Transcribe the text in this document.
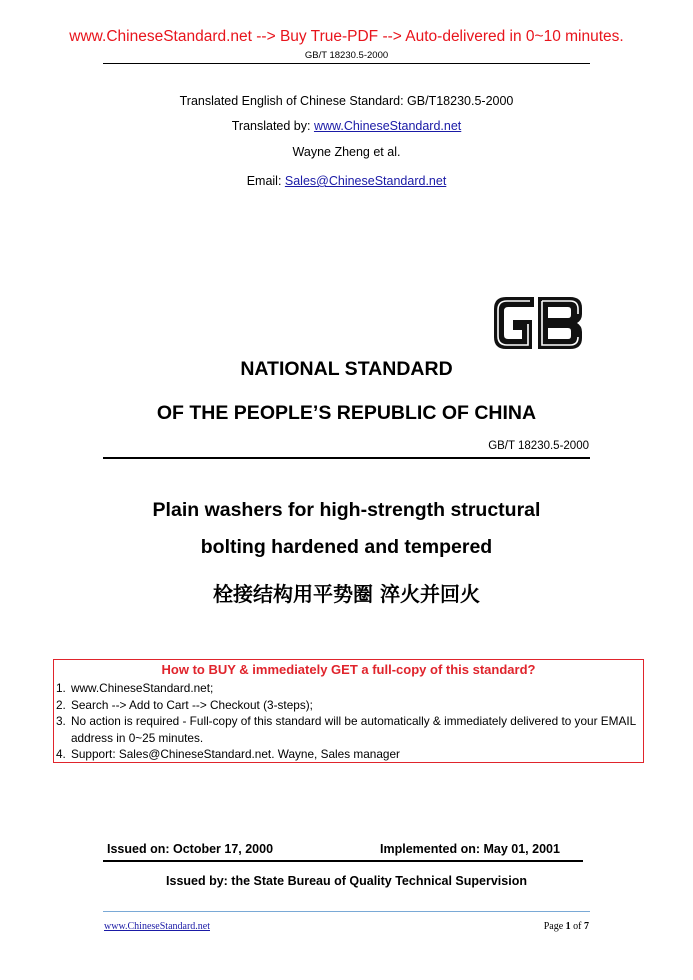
www.ChineseStandard.net --> Buy True-PDF --> Auto-delivered in 0~10 minutes.
GB/T 18230.5-2000
Translated English of Chinese Standard: GB/T18230.5-2000
Translated by: www.ChineseStandard.net
Wayne Zheng et al.
Email: Sales@ChineseStandard.net
NATIONAL STANDARD
OF THE PEOPLE’S REPUBLIC OF CHINA
GB/T 18230.5-2000
Plain washers for high-strength structural
bolting hardened and tempered
栓接结构用平势圈 淬火并回火
How to BUY & immediately GET a full-copy of this standard?
1. www.ChineseStandard.net;
2. Search --> Add to Cart --> Checkout (3-steps);
3. No action is required - Full-copy of this standard will be automatically & immediately delivered to your EMAIL address in 0~25 minutes.
4. Support: Sales@ChineseStandard.net. Wayne, Sales manager
Issued on: October 17, 2000	Implemented on: May 01, 2001
Issued by: the State Bureau of Quality Technical Supervision
www.ChineseStandard.net	Page 1 of 7
